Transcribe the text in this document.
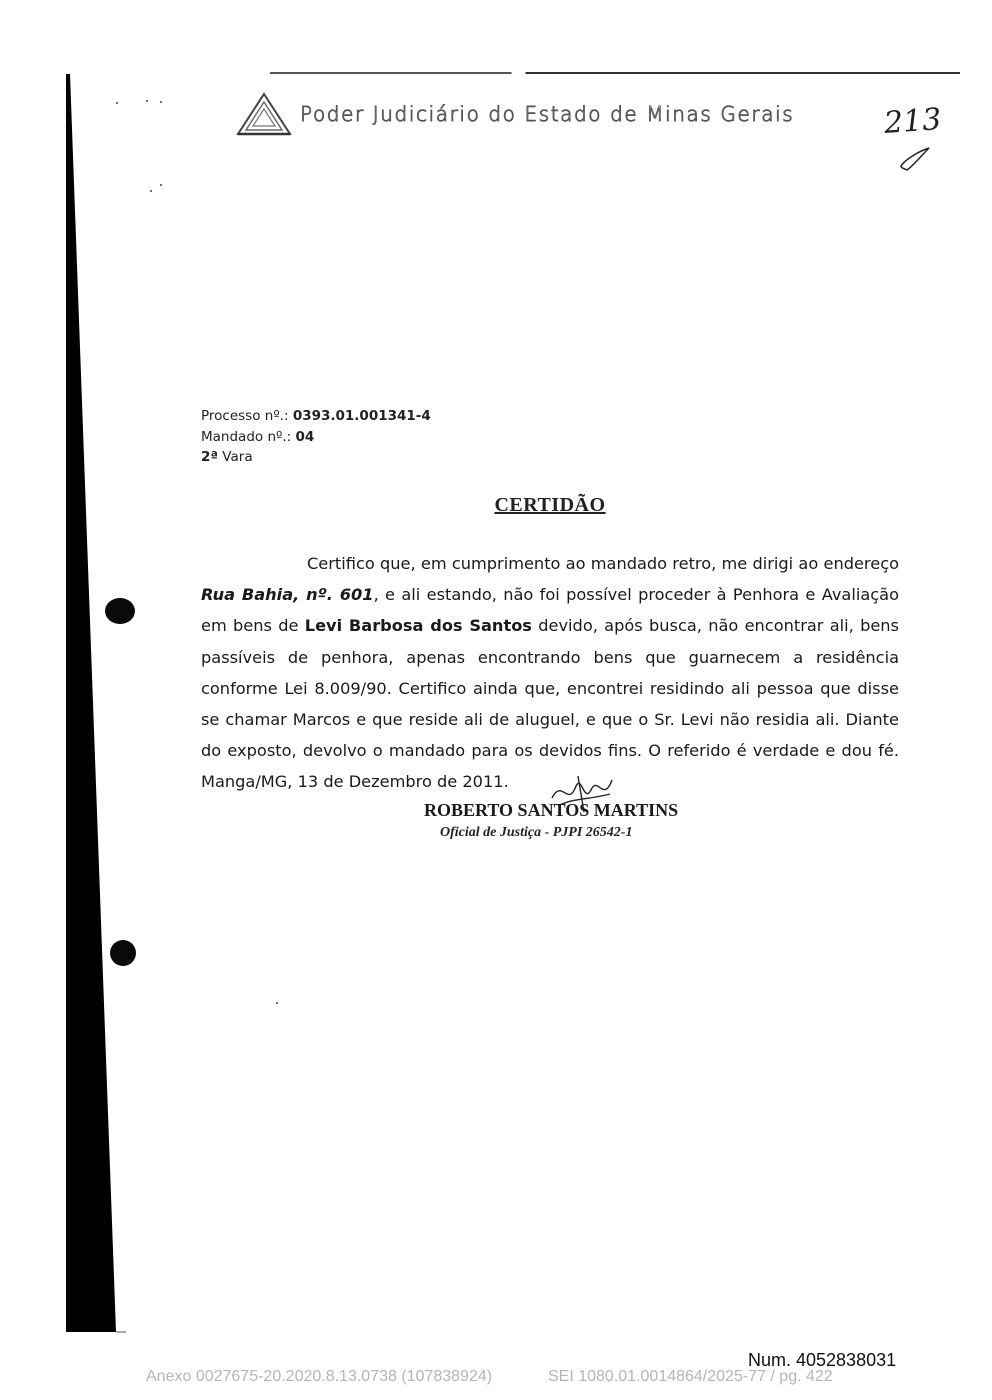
Poder Judiciário do Estado de Minas Gerais	213
Processo nº.: 0393.01.001341-4
Mandado nº.: 04
2ª Vara
CERTIDÃO
Certifico que, em cumprimento ao mandado retro, me dirigi ao endereço Rua Bahia, nº. 601, e ali estando, não foi possível proceder à Penhora e Avaliação em bens de Levi Barbosa dos Santos devido, após busca, não encontrar ali, bens passíveis de penhora, apenas encontrando bens que guarnecem a residência conforme Lei 8.009/90. Certifico ainda que, encontrei residindo ali pessoa que disse se chamar Marcos e que reside ali de aluguel, e que o Sr. Levi não residia ali. Diante do exposto, devolvo o mandado para os devidos fins. O referido é verdade e dou fé. Manga/MG, 13 de Dezembro de 2011.
ROBERTO SANTOS MARTINS
Oficial de Justiça - PJPI 26542-1
Num. 4052838031
Anexo 0027675-20.2020.8.13.0738 (107838924)	SEI 1080.01.0014864/2025-77 / pg. 422
